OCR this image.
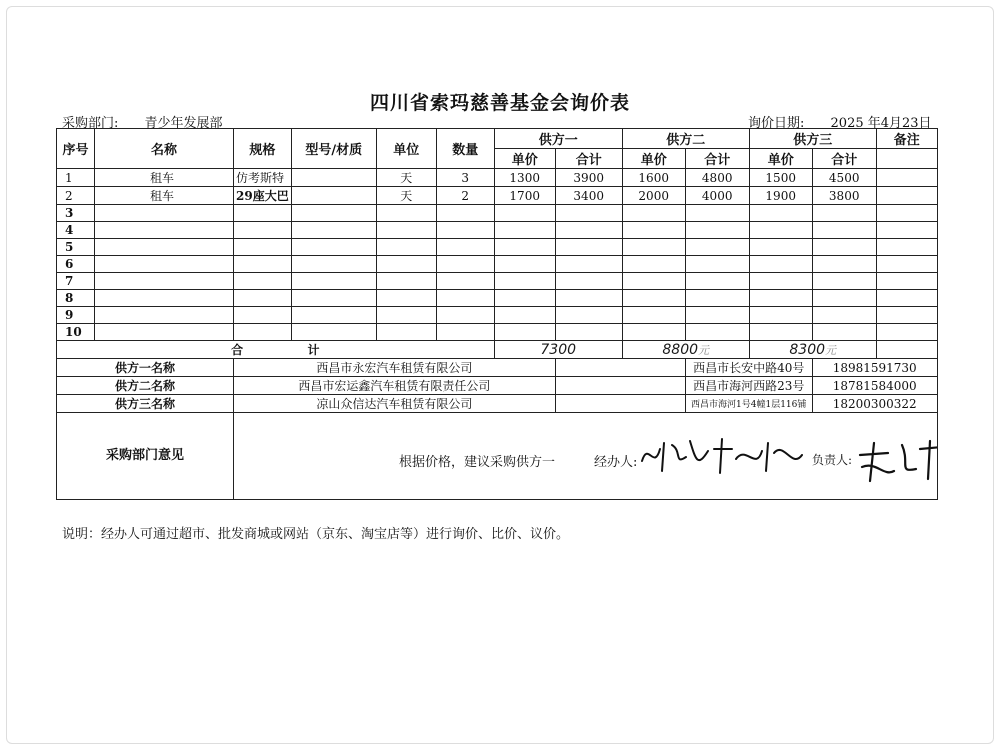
四川省索玛慈善基金会询价表
采购部门: 青少年发展部	询价日期: 2025 年4月23日
序号	名称	规格	型号/材质	单位	数量	供方一		供方二		供方三		备注
						单价	合计	单价	合计	单价	合计	
1	租车	仿考斯特		天	3	1300	3900	1600	4800	1500	4500	
2	租车	29座大巴		天	2	1700	3400	2000	4000	1900	3800	
3												
4												
5												
6												
7												
8												
9												
10												
合 计						7300		8800元		8300元		
供方一名称		西昌市永宏汽车租赁有限公司							西昌市长安中路40号		18981591730	
供方二名称		西昌市宏运鑫汽车租赁有限责任公司							西昌市海河西路23号		18781584000	
供方三名称		凉山众信达汽车租赁有限公司							西昌市海河1号4幢1层116铺		18200300322	
采购部门意见		根据价格，建议采购供方一 经办人: 负责人:										
说明：经办人可通过超市、批发商城或网站（京东、淘宝店等）进行询价、比价、议价。
